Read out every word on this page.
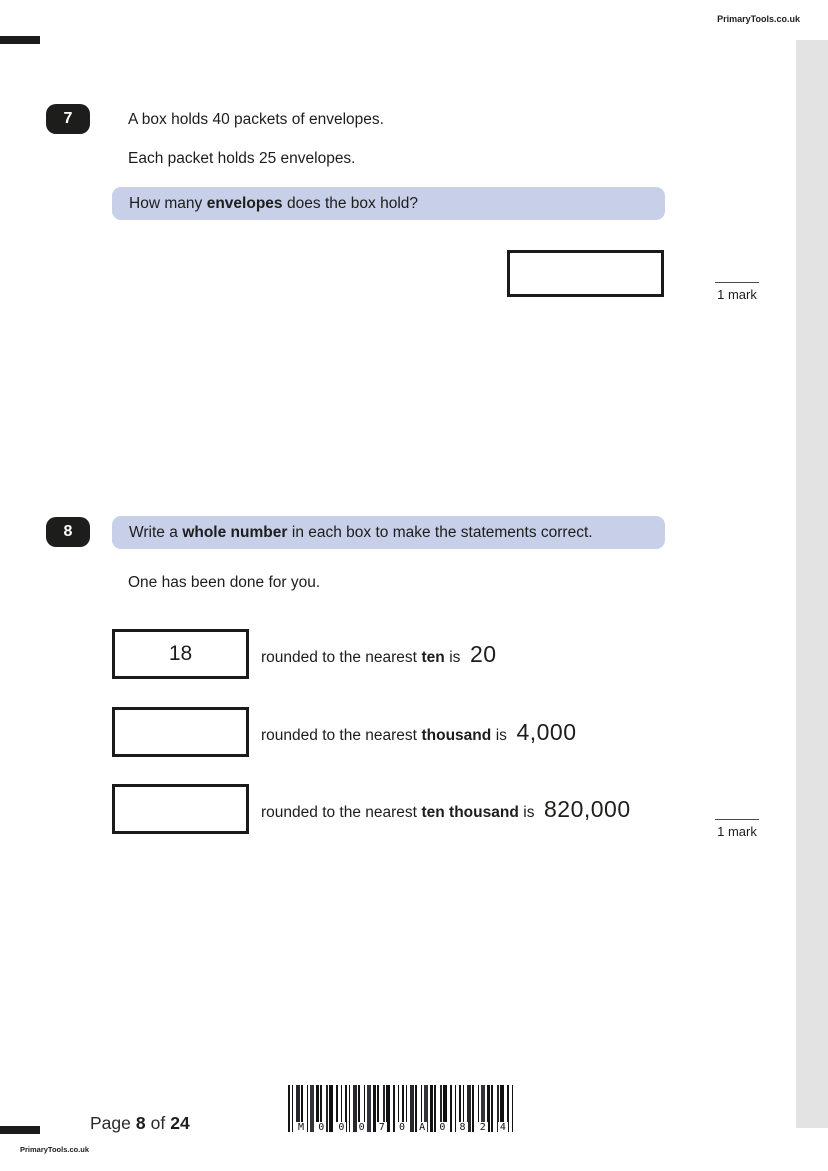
PrimaryTools.co.uk
7	A box holds 40 packets of envelopes.
Each packet holds 25 envelopes.
How many envelopes does the box hold?
1 mark
8	Write a whole number in each box to make the statements correct.
One has been done for you.
18	rounded to the nearest ten is 20
rounded to the nearest thousand is 4,000
rounded to the nearest ten thousand is 820,000
1 mark
M 0 0 0 7 0 A 0 8 2 4
Page 8 of 24
PrimaryTools.co.uk
